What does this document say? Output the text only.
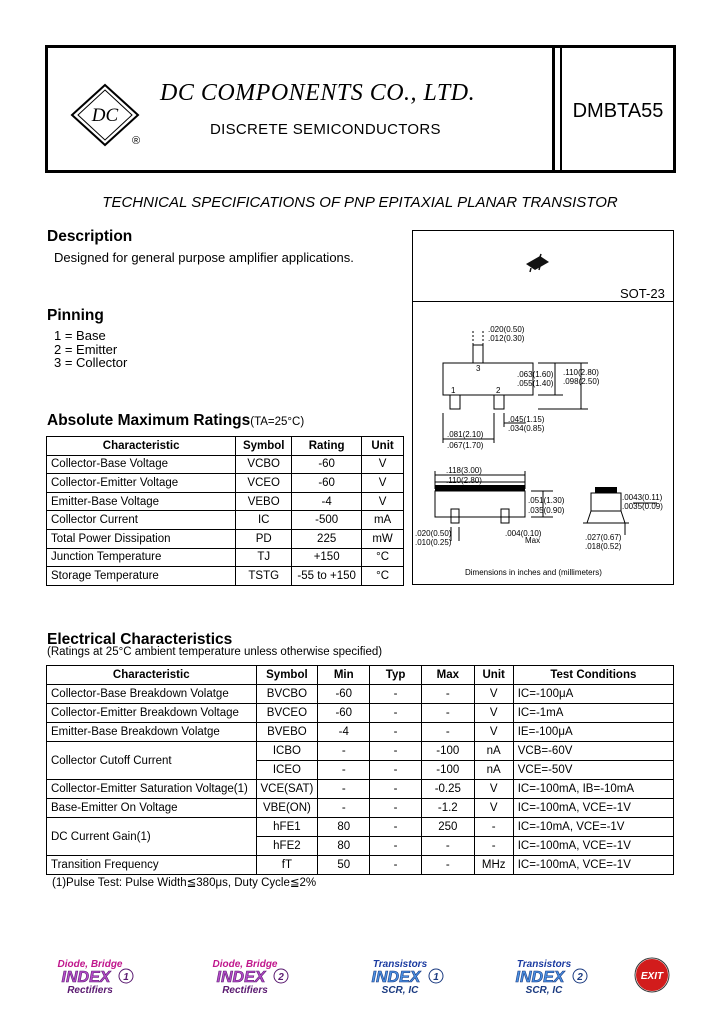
DC
®
DC COMPONENTS CO., LTD.
DISCRETE SEMICONDUCTORS
DMBTA55
TECHNICAL SPECIFICATIONS OF PNP EPITAXIAL PLANAR TRANSISTOR
Description
Designed for general purpose amplifier applications.
SOT-23
.020(0.50)
.012(0.30)
.063(1.60)
.055(1.40)
.110(2.80)
.098(2.50)
.045(1.15)
.034(0.85)
.081(2.10)
.067(1.70)
.118(3.00)
.110(2.80)
.051(1.30)
.035(0.90)
.020(0.50)
.010(0.25)
.004(0.10)
Max	.027(0.67)
.018(0.52)
.0043(0.11)
.0035(0.09)
3
1	2
Dimensions in inches and (millimeters)
Pinning
1 = Base
2 = Emitter
3 = Collector
Absolute Maximum Ratings(TA=25°C)
Characteristic	Symbol	Rating	Unit
Collector-Base Voltage	VCBO	-60	V
Collector-Emitter Voltage	VCEO	-60	V
Emitter-Base Voltage	VEBO	-4	V
Collector Current	IC	-500	mA
Total Power Dissipation	PD	225	mW
Junction Temperature	TJ	+150	°C
Storage Temperature	TSTG	-55 to +150	°C
Electrical Characteristics
(Ratings at 25°C ambient temperature unless otherwise specified)
Characteristic	Symbol	Min	Typ	Max	Unit	Test Conditions
Collector-Base Breakdown Volatge	BVCBO	-60	-	-	V	IC=-100μA
Collector-Emitter Breakdown Voltage	BVCEO	-60	-	-	V	IC=-1mA
Emitter-Base Breakdown Volatge	BVEBO	-4	-	-	V	IE=-100μA
Collector Cutoff Current	ICBO	-	-	-100	nA	VCB=-60V
	ICEO	-	-	-100	nA	VCE=-50V
Collector-Emitter Saturation Voltage(1)	VCE(SAT)	-	-	-0.25	V	IC=-100mA, IB=-10mA
Base-Emitter On Voltage	VBE(ON)	-	-	-1.2	V	IC=-100mA, VCE=-1V
DC Current Gain(1)	hFE1	80	-	250	-	IC=-10mA, VCE=-1V
	hFE2	80	-	-	-	IC=-100mA, VCE=-1V
Transition Frequency	fT	50	-	-	MHz	IC=-100mA, VCE=-1V
(1)Pulse Test: Pulse Width≦380μs, Duty Cycle≦2%
Diode, Bridge
INDEX 1
Rectifiers
Diode, Bridge
INDEX 2
Rectifiers
Transistors
INDEX 1
SCR, IC
Transistors
INDEX 2
SCR, IC
EXIT
